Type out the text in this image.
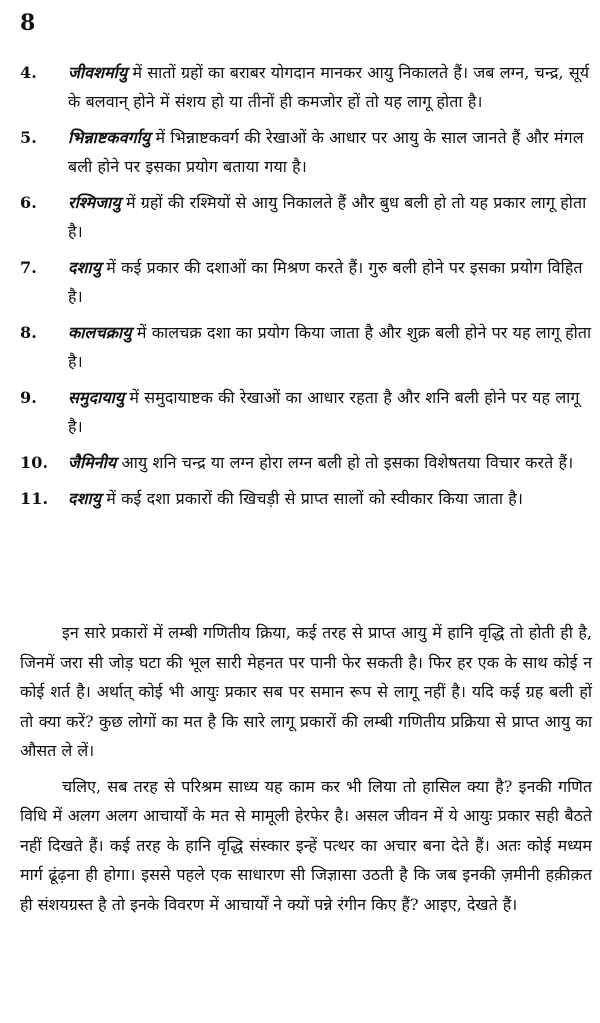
8
4.	जीवशर्मायु में सातों ग्रहों का बराबर योगदान मानकर आयु निकालते हैं। जब लग्न, चन्द्र, सूर्य के बलवान् होने में संशय हो या तीनों ही कमजोर हों तो यह लागू होता है।
5.	भिन्नाष्टकवर्गायु में भिन्नाष्टकवर्ग की रेखाओं के आधार पर आयु के साल जानते हैं और मंगल बली होने पर इसका प्रयोग बताया गया है।
6.	रश्मिजायु में ग्रहों की रश्मियों से आयु निकालते हैं और बुध बली हो तो यह प्रकार लागू होता है।
7.	दशायु में कई प्रकार की दशाओं का मिश्रण करते हैं। गुरु बली होने पर इसका प्रयोग विहित है।
8.	कालचक्रायु में कालचक्र दशा का प्रयोग किया जाता है और शुक्र बली होने पर यह लागू होता है।
9.	समुदायायु में समुदायाष्टक की रेखाओं का आधार रहता है और शनि बली होने पर यह लागू है।
10.	जैमिनीय आयु शनि चन्द्र या लग्न होरा लग्न बली हो तो इसका विशेषतया विचार करते हैं।
11.	दशायु में कई दशा प्रकारों की खिचड़ी से प्राप्त सालों को स्वीकार किया जाता है।

इन सारे प्रकारों में लम्बी गणितीय क्रिया, कई तरह से प्राप्त आयु में हानि वृद्धि तो होती ही है, जिनमें जरा सी जोड़ घटा की भूल सारी मेहनत पर पानी फेर सकती है। फिर हर एक के साथ कोई न कोई शर्त है। अर्थात् कोई भी आयुः प्रकार सब पर समान रूप से लागू नहीं है। यदि कई ग्रह बली हों तो क्या करें? कुछ लोगों का मत है कि सारे लागू प्रकारों की लम्बी गणितीय प्रक्रिया से प्राप्त आयु का औसत ले लें।

चलिए, सब तरह से परिश्रम साध्य यह काम कर भी लिया तो हासिल क्या है? इनकी गणित विधि में अलग अलग आचार्यों के मत से मामूली हेरफेर है। असल जीवन में ये आयुः प्रकार सही बैठते नहीं दिखते हैं। कई तरह के हानि वृद्धि संस्कार इन्हें पत्थर का अचार बना देते हैं। अतः कोई मध्यम मार्ग ढूंढ़ना ही होगा। इससे पहले एक साधारण सी जिज्ञासा उठती है कि जब इनकी ज़मीनी हक़ीक़त ही संशयग्रस्त है तो इनके विवरण में आचार्यों ने क्यों पन्ने रंगीन किए हैं? आइए, देखते हैं।
